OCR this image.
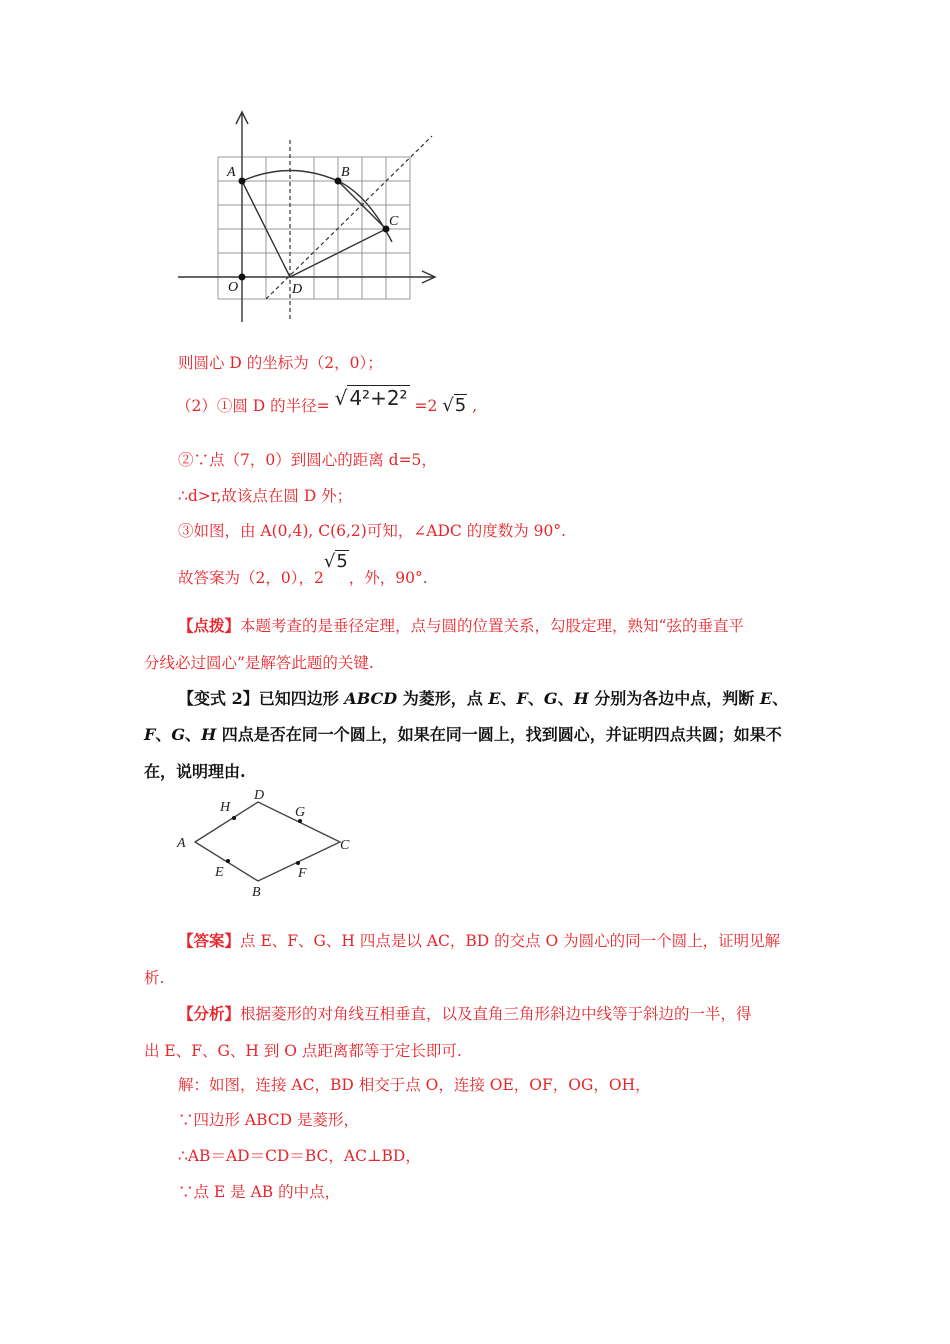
A	B
C
O	D
则圆心 D 的坐标为（2，0）；
（2）①圆 D 的半径= √ 4²+2² =2 √5 ,
②∵点（7，0）到圆心的距离 d=5，
∴d>r,故该点在圆 D 外；
③如图，由 A(0,4), C(6,2)可知，∠ADC 的度数为 90°.
故答案为（2，0），2√5，外，90°.
【点拨】本题考查的是垂径定理，点与圆的位置关系，勾股定理，熟知“弦的垂直平
分线必过圆心”是解答此题的关键.
【变式 2】已知四边形 ABCD 为菱形，点 E、F、G、H 分别为各边中点，判断 E、
F、G、H 四点是否在同一个圆上，如果在同一圆上，找到圆心，并证明四点共圆；如果不
在，说明理由.
A
D
C
B
H	G
E	F
【答案】点 E、F、G、H 四点是以 AC，BD 的交点 O 为圆心的同一个圆上，证明见解
析.
【分析】根据菱形的对角线互相垂直，以及直角三角形斜边中线等于斜边的一半，得
出 E、F、G、H 到 O 点距离都等于定长即可.
解：如图，连接 AC，BD 相交于点 O，连接 OE，OF，OG，OH，
∵四边形 ABCD 是菱形，
∴AB＝AD＝CD＝BC，AC⊥BD，
∵点 E 是 AB 的中点，
